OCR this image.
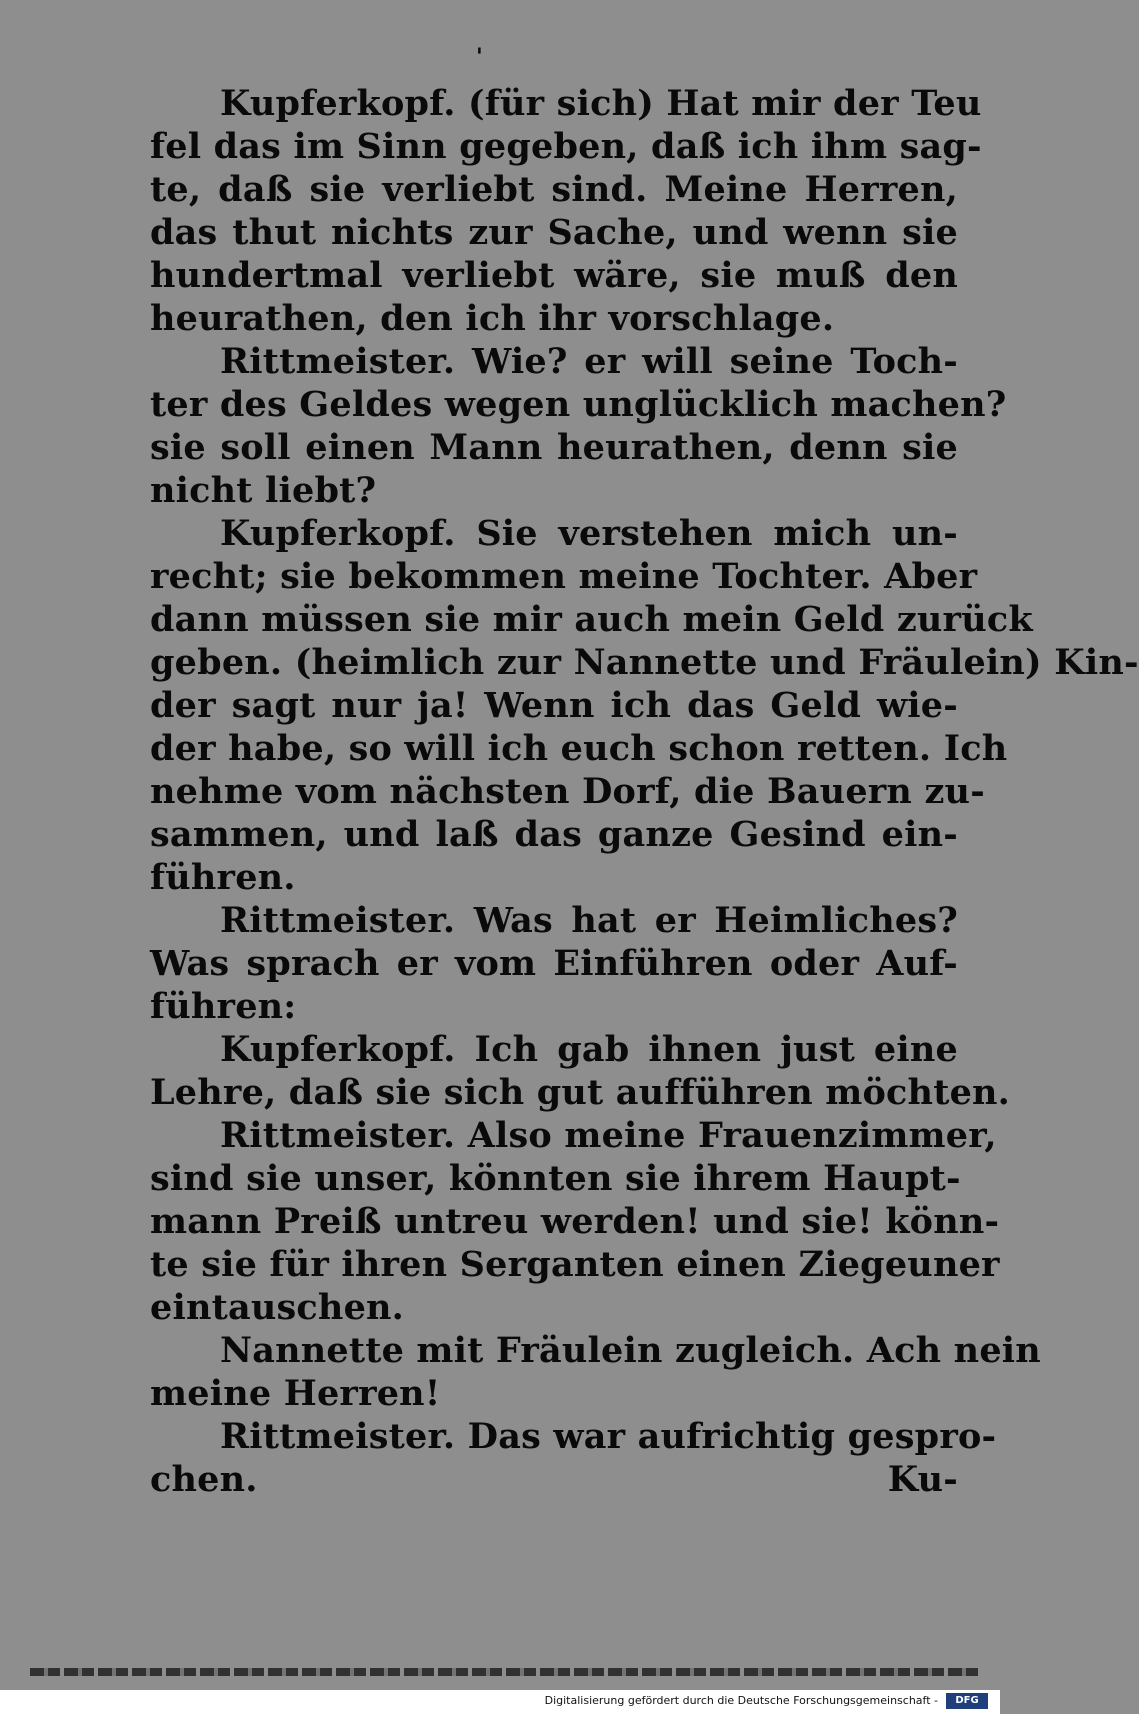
'
Kupferkopf. (für sich) Hat mir der Teu
fel das im Sinn gegeben, daß ich ihm sag-
te, daß sie verliebt sind. Meine Herren,
das thut nichts zur Sache, und wenn sie
hundertmal verliebt wäre, sie muß den
heurathen, den ich ihr vorschlage.
Rittmeister. Wie? er will seine Toch-
ter des Geldes wegen unglücklich machen?
sie soll einen Mann heurathen, denn sie
nicht liebt?
Kupferkopf. Sie verstehen mich un-
recht; sie bekommen meine Tochter. Aber
dann müssen sie mir auch mein Geld zurück
geben. (heimlich zur Nannette und Fräulein) Kin-
der sagt nur ja! Wenn ich das Geld wie-
der habe, so will ich euch schon retten. Ich
nehme vom nächsten Dorf, die Bauern zu-
sammen, und laß das ganze Gesind ein-
führen.
Rittmeister. Was hat er Heimliches?
Was sprach er vom Einführen oder Auf-
führen:
Kupferkopf. Ich gab ihnen just eine
Lehre, daß sie sich gut aufführen möchten.
Rittmeister. Also meine Frauenzimmer,
sind sie unser, könnten sie ihrem Haupt-
mann Preiß untreu werden! und sie! könn-
te sie für ihren Serganten einen Ziegeuner
eintauschen.
Nannette mit Fräulein zugleich. Ach nein
meine Herren!
Rittmeister. Das war aufrichtig gespro-
chen.	Ku-
Digitalisierung gefördert durch die Deutsche Forschungsgemeinschaft -	DFG
